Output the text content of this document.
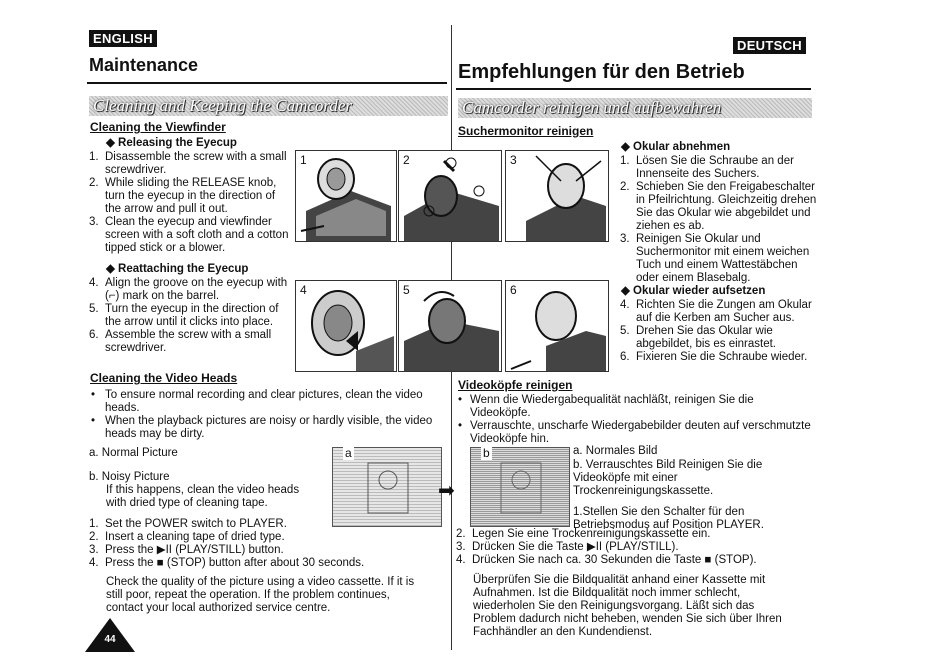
ENGLISH
Maintenance
Cleaning and Keeping the Camcorder
Cleaning the Viewfinder
◆ Releasing the Eyecup
1. Disassemble the screw with a small screwdriver.
2. While sliding the RELEASE knob, turn the eyecup in the direction of the arrow and pull it out.
3. Clean the eyecup and viewfinder screen with a soft cloth and a cotton tipped stick or a blower.
◆ Reattaching the Eyecup
4. Align the groove on the eyecup with (⌐) mark on the barrel.
5. Turn the eyecup in the direction of the arrow until it clicks into place.
6. Assemble the screw with a small screwdriver.
Cleaning the Video Heads
• To ensure normal recording and clear pictures, clean the video heads.
• When the playback pictures are noisy or hardly visible, the video heads may be dirty.
a. Normal Picture
b. Noisy Picture
If this happens, clean the video heads with dried type of cleaning tape.
1. Set the POWER switch to PLAYER.
2. Insert a cleaning tape of dried type.
3. Press the ▶II (PLAY/STILL) button.
4. Press the ■ (STOP) button after about 30 seconds.
Check the quality of the picture using a video cassette. If it is still poor, repeat the operation. If the problem continues, contact your local authorized service centre.
44
1	2	3
4	5	6
a
➡
b
DEUTSCH
Empfehlungen für den Betrieb
Camcorder reinigen und aufbewahren
Suchermonitor reinigen
◆ Okular abnehmen
1. Lösen Sie die Schraube an der Innenseite des Suchers.
2. Schieben Sie den Freigabeschalter in Pfeilrichtung. Gleichzeitig drehen Sie das Okular wie abgebildet und ziehen es ab.
3. Reinigen Sie Okular und Suchermonitor mit einem weichen Tuch und einem Wattestäbchen oder einem Blasebalg.
◆ Okular wieder aufsetzen
4. Richten Sie die Zungen am Okular auf die Kerben am Sucher aus.
5. Drehen Sie das Okular wie abgebildet, bis es einrastet.
6. Fixieren Sie die Schraube wieder.
Videoköpfe reinigen
• Wenn die Wiedergabequalität nachläßt, reinigen Sie die Videoköpfe.
• Verrauschte, unscharfe Wiedergabebilder deuten auf verschmutzte Videoköpfe hin.
a. Normales Bild
b. Verrauschtes Bild Reinigen Sie die Videoköpfe mit einer Trockenreinigungskassette.
1.Stellen Sie den Schalter für den Betriebsmodus auf Position PLAYER.
2. Legen Sie eine Trockenreinigungskassette ein.
3. Drücken Sie die Taste ▶II (PLAY/STILL).
4. Drücken Sie nach ca. 30 Sekunden die Taste ■ (STOP).
Überprüfen Sie die Bildqualität anhand einer Kassette mit Aufnahmen. Ist die Bildqualität noch immer schlecht, wiederholen Sie den Reinigungsvorgang. Läßt sich das Problem dadurch nicht beheben, wenden Sie sich über Ihren Fachhändler an den Kundendienst.
